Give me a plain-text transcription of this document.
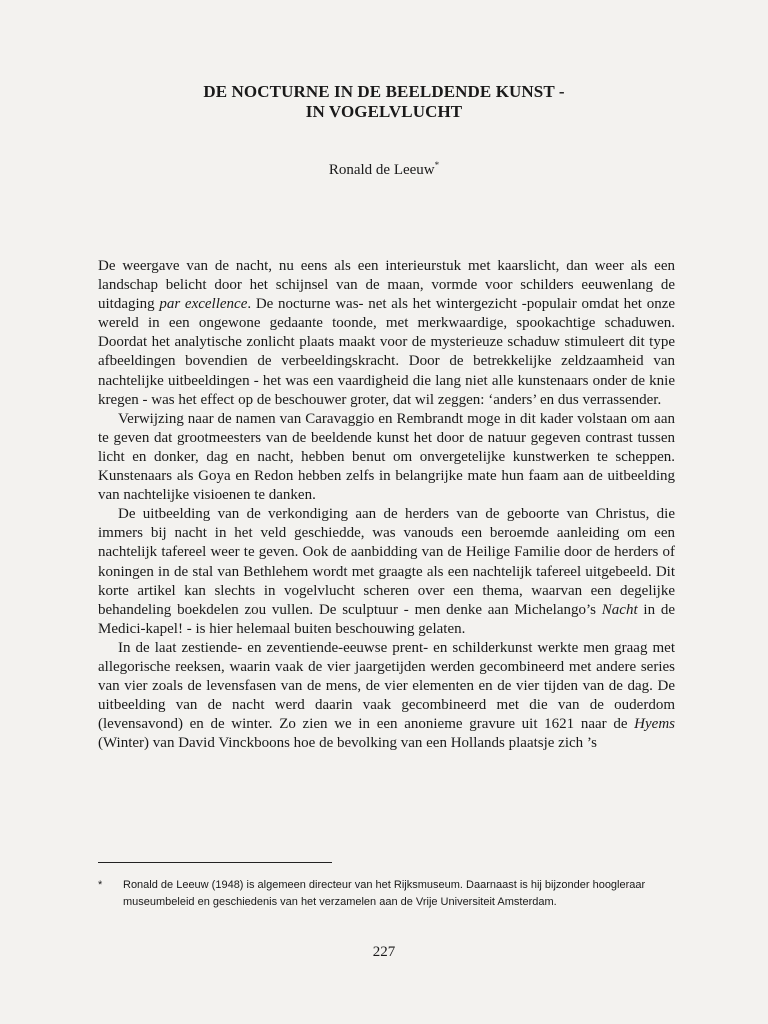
DE NOCTURNE IN DE BEELDENDE KUNST -
IN VOGELVLUCHT
Ronald de Leeuw*

De weergave van de nacht, nu eens als een interieurstuk met kaarslicht, dan weer als een landschap belicht door het schijnsel van de maan, vormde voor schilders eeuwenlang de uitdaging par excellence. De nocturne was- net als het wintergezicht -populair omdat het onze wereld in een ongewone gedaante toonde, met merkwaardige, spookachtige schaduwen. Doordat het analytische zonlicht plaats maakt voor de mysterieuze schaduw stimuleert dit type afbeeldingen bovendien de verbeeldingskracht. Door de betrekkelijke zeldzaamheid van nachtelijke uitbeeldingen - het was een vaardigheid die lang niet alle kunstenaars onder de knie kregen - was het effect op de beschouwer groter, dat wil zeggen: ‘anders’ en dus verrassender.

Verwijzing naar de namen van Caravaggio en Rembrandt moge in dit kader volstaan om aan te geven dat grootmeesters van de beeldende kunst het door de natuur gegeven contrast tussen licht en donker, dag en nacht, hebben benut om onvergetelijke kunstwerken te scheppen. Kunstenaars als Goya en Redon hebben zelfs in belangrijke mate hun faam aan de uitbeelding van nachtelijke visioenen te danken.

De uitbeelding van de verkondiging aan de herders van de geboorte van Christus, die immers bij nacht in het veld geschiedde, was vanouds een beroemde aanleiding om een nachtelijk tafereel weer te geven. Ook de aanbidding van de Heilige Familie door de herders of koningen in de stal van Bethlehem wordt met graagte als een nachtelijk tafereel uitgebeeld. Dit korte artikel kan slechts in vogelvlucht scheren over een thema, waarvan een degelijke behandeling boekdelen zou vullen. De sculptuur - men denke aan Michelango’s Nacht in de Medici-kapel! - is hier helemaal buiten beschouwing gelaten.

In de laat zestiende- en zeventiende-eeuwse prent- en schilderkunst werkte men graag met allegorische reeksen, waarin vaak de vier jaargetijden werden gecombineerd met andere series van vier zoals de levensfasen van de mens, de vier elementen en de vier tijden van de dag. De uitbeelding van de nacht werd daarin vaak gecombineerd met die van de ouderdom (levensavond) en de winter. Zo zien we in een anonieme gravure uit 1621 naar de Hyems (Winter) van David Vinckboons hoe de bevolking van een Hollands plaatsje zich ’s

* Ronald de Leeuw (1948) is algemeen directeur van het Rijksmuseum. Daarnaast is hij bijzonder hoogleraar museumbeleid en geschiedenis van het verzamelen aan de Vrije Universiteit Amsterdam.
227
